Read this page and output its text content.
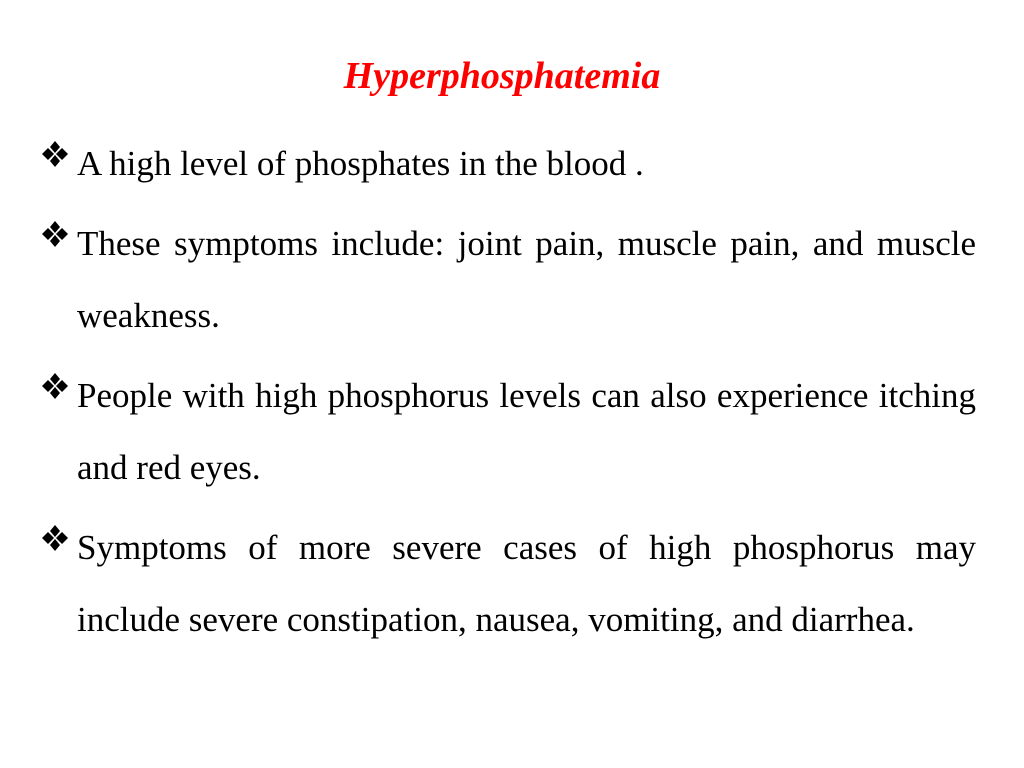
Hyperphosphatemia
A high level of phosphates in the blood .
These symptoms include: joint pain, muscle pain, and muscle weakness.
People with high phosphorus levels can also experience itching and red eyes.
Symptoms of more severe cases of high phosphorus may include severe constipation, nausea, vomiting, and diarrhea.
